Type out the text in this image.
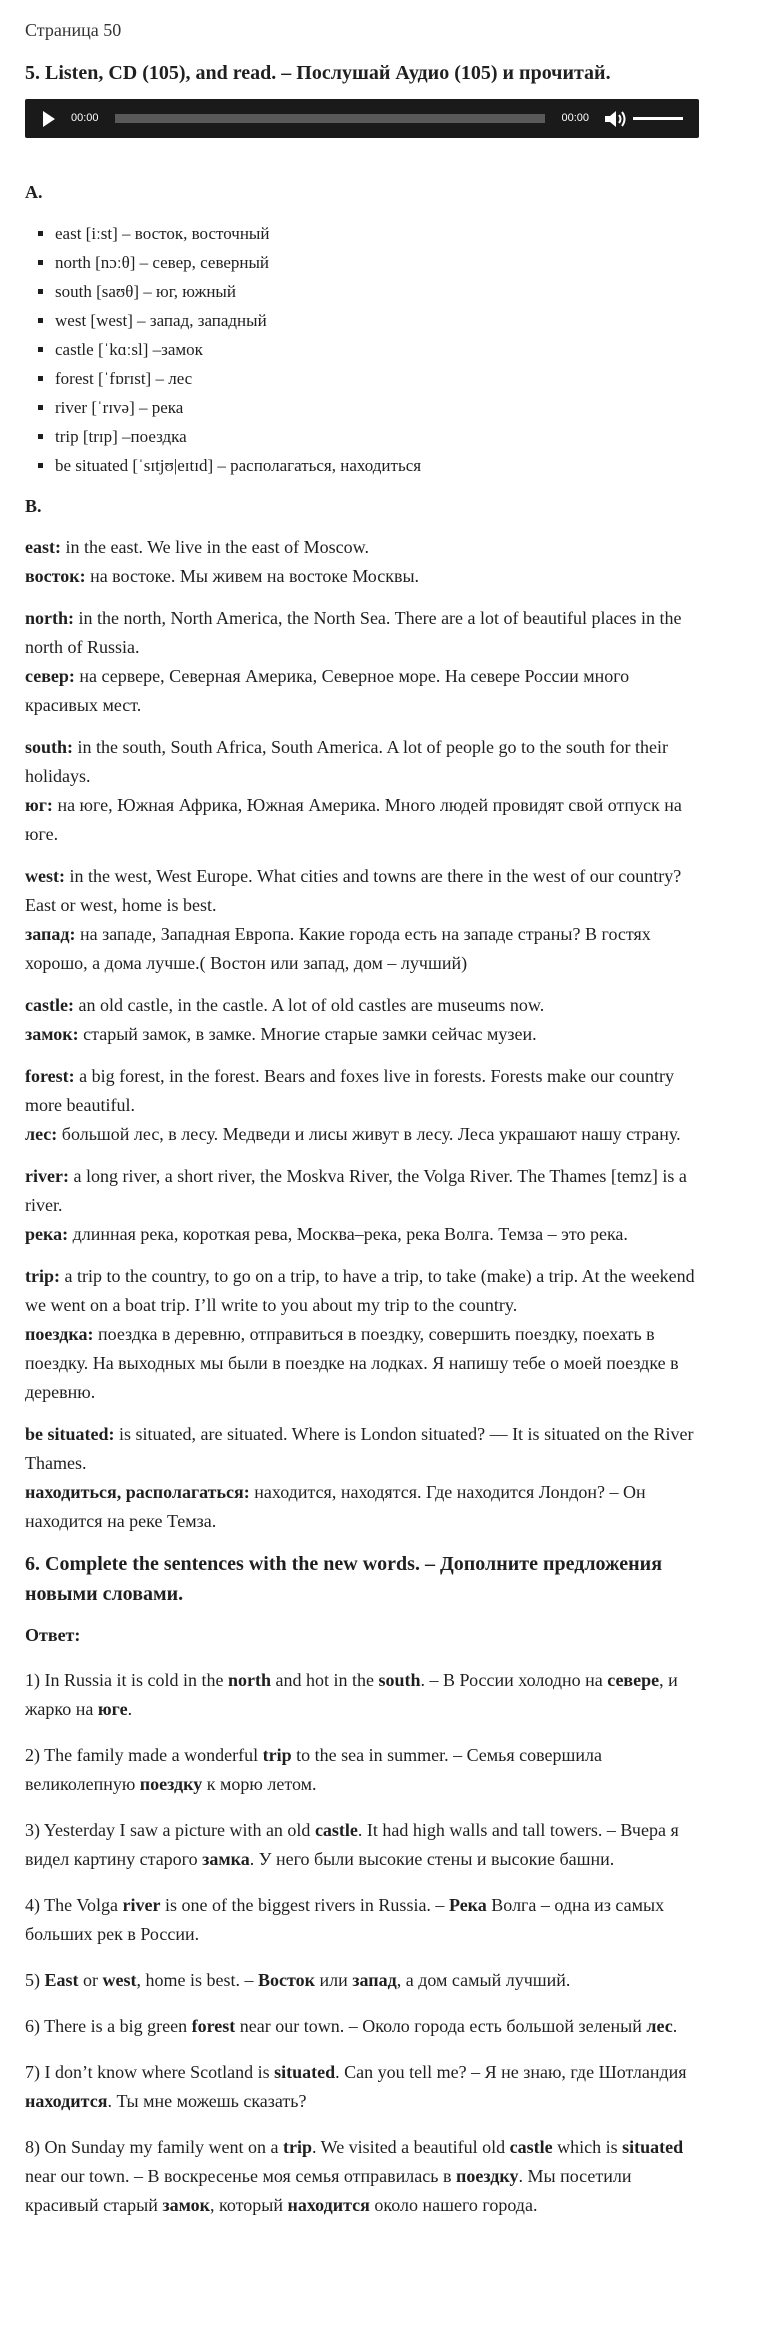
Страница 50
5. Listen, CD (105), and read. – Послушай Аудио (105) и прочитай.
00:00	00:00
A.
▪ east [iːst] – восток, восточный
▪ north [nɔːθ] – север, северный
▪ south [saʊθ] – юг, южный
▪ west [west] – запад, западный
▪ castle [ˈkɑːsl] –замок
▪ forest [ˈfɒrɪst] – лес
▪ river [ˈrɪvə] – река
▪ trip [trɪp] –поездка
▪ be situated [ˈsɪtjʊ|eɪtɪd] – располагаться, находиться
B.

east: in the east. We live in the east of Moscow.

восток: на востоке. Мы живем на востоке Москвы.

north: in the north, North America, the North Sea. There are a lot of beautiful places in the north of Russia.

север: на сервере, Северная Америка, Северное море. На севере России много красивых мест.

south: in the south, South Africa, South America. A lot of people go to the south for their holidays.

юг: на юге, Южная Африка, Южная Америка. Много людей провидят свой отпуск на юге.

west: in the west, West Europe. What cities and towns are there in the west of our country? East or west, home is best.

запад: на западе, Западная Европа. Какие города есть на западе страны? В гостях хорошо, а дома лучше.( Востон или запад, дом – лучший)

castle: an old castle, in the castle. A lot of old castles are museums now.

замок: старый замок, в замке. Многие старые замки сейчас музеи.

forest: a big forest, in the forest. Bears and foxes live in forests. Forests make our country more beautiful.

лес: большой лес, в лесу. Медведи и лисы живут в лесу. Леса украшают нашу страну.

river: a long river, a short river, the Moskva River, the Volga River. The Thames [temz] is a river.

река: длинная река, короткая рева, Москва–река, река Волга. Темза – это река.

trip: a trip to the country, to go on a trip, to have a trip, to take (make) a trip. At the weekend we went on a boat trip. I’ll write to you about my trip to the country.

поездка: поездка в деревню, отправиться в поездку, совершить поездку, поехать в поездку. На выходных мы были в поездке на лодках. Я напишу тебе о моей поездке в деревню.

be situated: is situated, are situated. Where is London situated? — It is situated on the River Thames.

находиться, располагаться: находится, находятся. Где находится Лондон? – Он находится на реке Темза.

6. Complete the sentences with the new words. – Дополните предложения новыми словами.
Ответ:

1) In Russia it is cold in the north and hot in the south. – В России холодно на севере, и жарко на юге.

2) The family made a wonderful trip to the sea in summer. – Семья совершила великолепную поездку к морю летом.

3) Yesterday I saw a picture with an old castle. It had high walls and tall towers. – Вчера я видел картину старого замка. У него были высокие стены и высокие башни.

4) The Volga river is one of the biggest rivers in Russia. – Река Волга – одна из самых больших рек в России.

5) East or west, home is best. – Восток или запад, а дом самый лучший.

6) There is a big green forest near our town. – Около города есть большой зеленый лес.

7) I don’t know where Scotland is situated. Can you tell me? – Я не знаю, где Шотландия находится. Ты мне можешь сказать?

8) On Sunday my family went on a trip. We visited a beautiful old castle which is situated near our town. – В воскресенье моя семья отправилась в поездку. Мы посетили красивый старый замок, который находится около нашего города.
